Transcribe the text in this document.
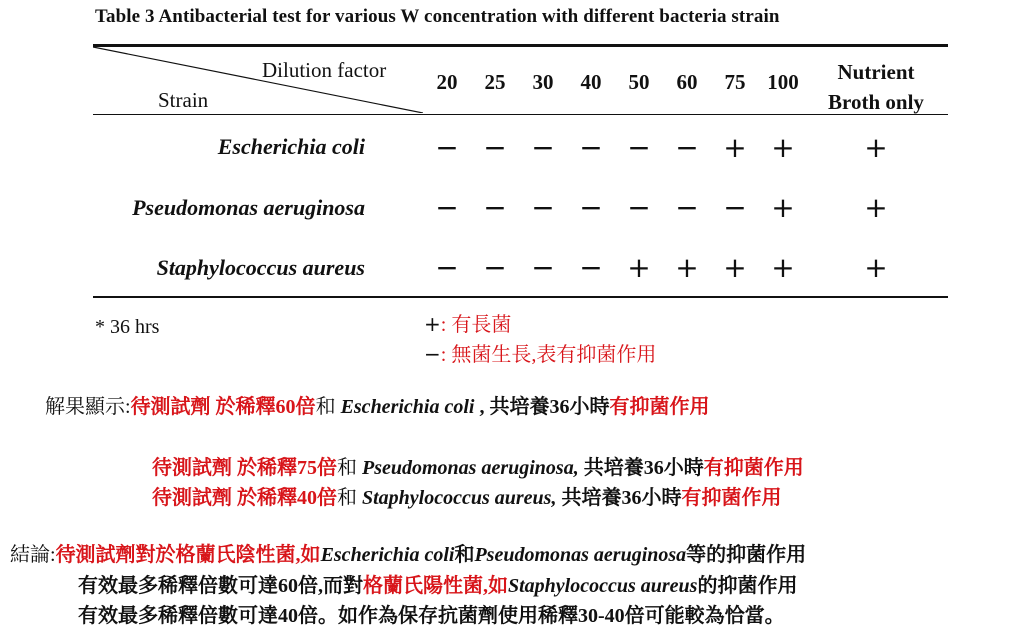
Table 3 Antibacterial test for various W concentration with different bacteria strain
Dilution factor
Strain
20	25	30	40	50	60	75	100	Nutrient
Broth only
Escherichia coli	− − − − − − + + +
Pseudomonas aeruginosa	− − − − − − − + +
Staphylococcus aureus	− − − − + + + + +
* 36 hrs	+: 有長菌
−: 無菌生長,表有抑菌作用
解果顯示:待測試劑 於稀釋60倍和 Escherichia coli , 共培養36小時有抑菌作用
待測試劑 於稀釋75倍和 Pseudomonas aeruginosa, 共培養36小時有抑菌作用
待測試劑 於稀釋40倍和 Staphylococcus aureus, 共培養36小時有抑菌作用
結論:待測試劑對於格蘭氏陰性菌,如Escherichia coli和Pseudomonas aeruginosa等的抑菌作用
有效最多稀釋倍數可達60倍,而對格蘭氏陽性菌,如Staphylococcus aureus的抑菌作用
有效最多稀釋倍數可達40倍。如作為保存抗菌劑使用稀釋30-40倍可能較為恰當。
